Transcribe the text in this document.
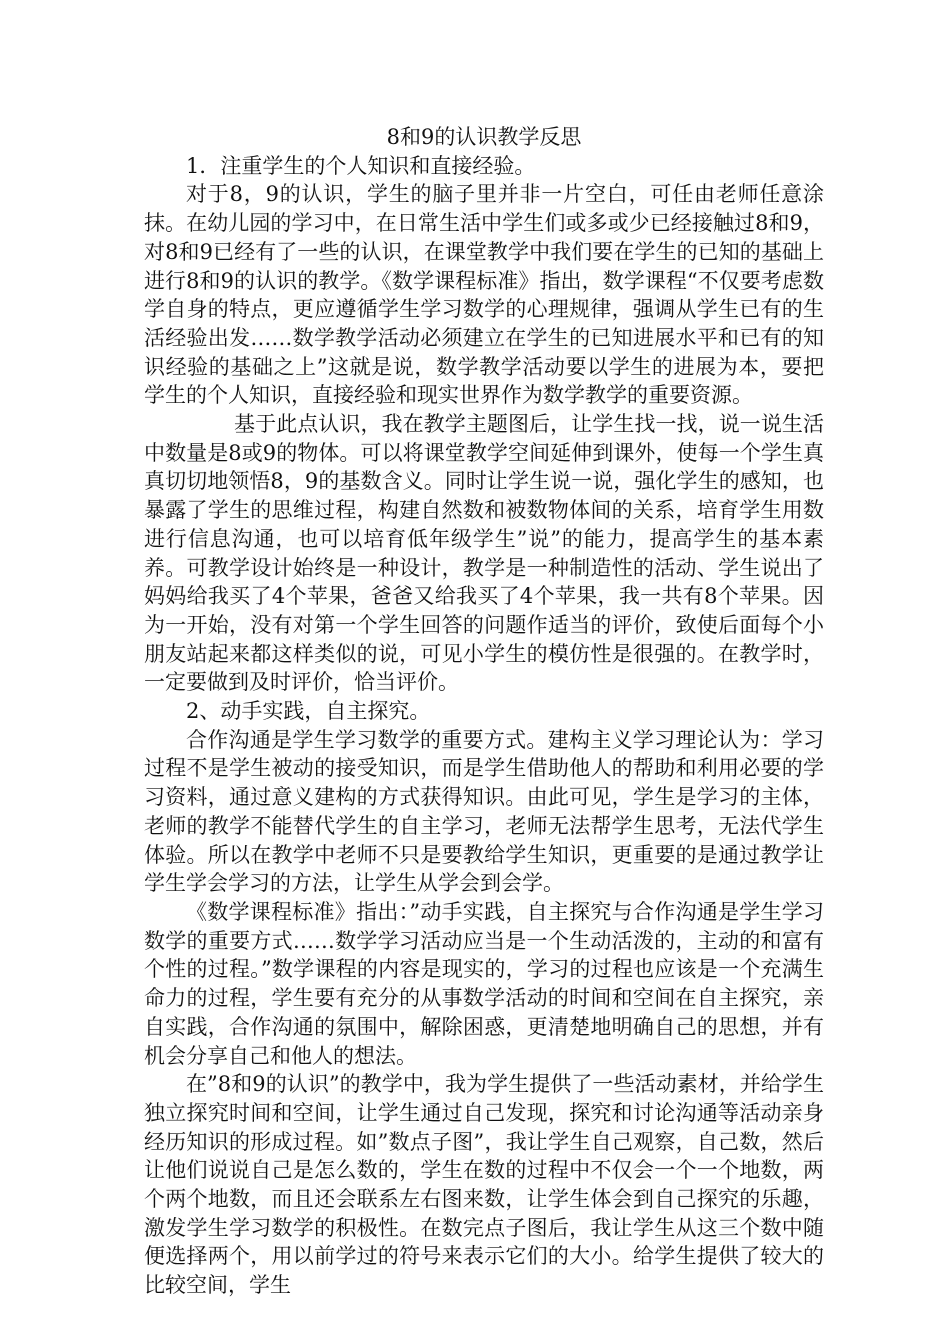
8和9的认识教学反思

1．注重学生的个人知识和直接经验。

对于8，9的认识，学生的脑子里并非一片空白，可任由老师任意涂抹。在幼儿园的学习中，在日常生活中学生们或多或少已经接触过8和9，对8和9已经有了一些的认识，在课堂教学中我们要在学生的已知的基础上进行8和9的认识的教学。《数学课程标准》指出，数学课程“不仅要考虑数学自身的特点，更应遵循学生学习数学的心理规律，强调从学生已有的生活经验出发……数学教学活动必须建立在学生的已知进展水平和已有的知识经验的基础之上”这就是说，数学教学活动要以学生的进展为本，要把学生的个人知识，直接经验和现实世界作为数学教学的重要资源。

基于此点认识，我在教学主题图后，让学生找一找，说一说生活中数量是8或9的物体。可以将课堂教学空间延伸到课外，使每一个学生真真切切地领悟8，9的基数含义。同时让学生说一说，强化学生的感知，也暴露了学生的思维过程，构建自然数和被数物体间的关系，培育学生用数进行信息沟通，也可以培育低年级学生”说”的能力，提高学生的基本素养。可教学设计始终是一种设计，教学是一种制造性的活动、学生说出了妈妈给我买了4个苹果，爸爸又给我买了4个苹果，我一共有8个苹果。因为一开始，没有对第一个学生回答的问题作适当的评价，致使后面每个小朋友站起来都这样类似的说，可见小学生的模仿性是很强的。在教学时，一定要做到及时评价，恰当评价。

2、动手实践，自主探究。

合作沟通是学生学习数学的重要方式。建构主义学习理论认为：学习过程不是学生被动的接受知识，而是学生借助他人的帮助和利用必要的学习资料，通过意义建构的方式获得知识。由此可见，学生是学习的主体，老师的教学不能替代学生的自主学习，老师无法帮学生思考，无法代学生体验。所以在教学中老师不只是要教给学生知识，更重要的是通过教学让学生学会学习的方法，让学生从学会到会学。

《数学课程标准》指出：”动手实践，自主探究与合作沟通是学生学习数学的重要方式……数学学习活动应当是一个生动活泼的，主动的和富有个性的过程。”数学课程的内容是现实的，学习的过程也应该是一个充满生命力的过程，学生要有充分的从事数学活动的时间和空间在自主探究，亲自实践，合作沟通的氛围中，解除困惑，更清楚地明确自己的思想，并有机会分享自己和他人的想法。

在”8和9的认识”的教学中，我为学生提供了一些活动素材，并给学生独立探究时间和空间，让学生通过自己发现，探究和讨论沟通等活动亲身经历知识的形成过程。如”数点子图”，我让学生自己观察，自己数，然后让他们说说自己是怎么数的，学生在数的过程中不仅会一个一个地数，两个两个地数，而且还会联系左右图来数，让学生体会到自己探究的乐趣，激发学生学习数学的积极性。在数完点子图后，我让学生从这三个数中随便选择两个，用以前学过的符号来表示它们的大小。给学生提供了较大的比较空间，学生
